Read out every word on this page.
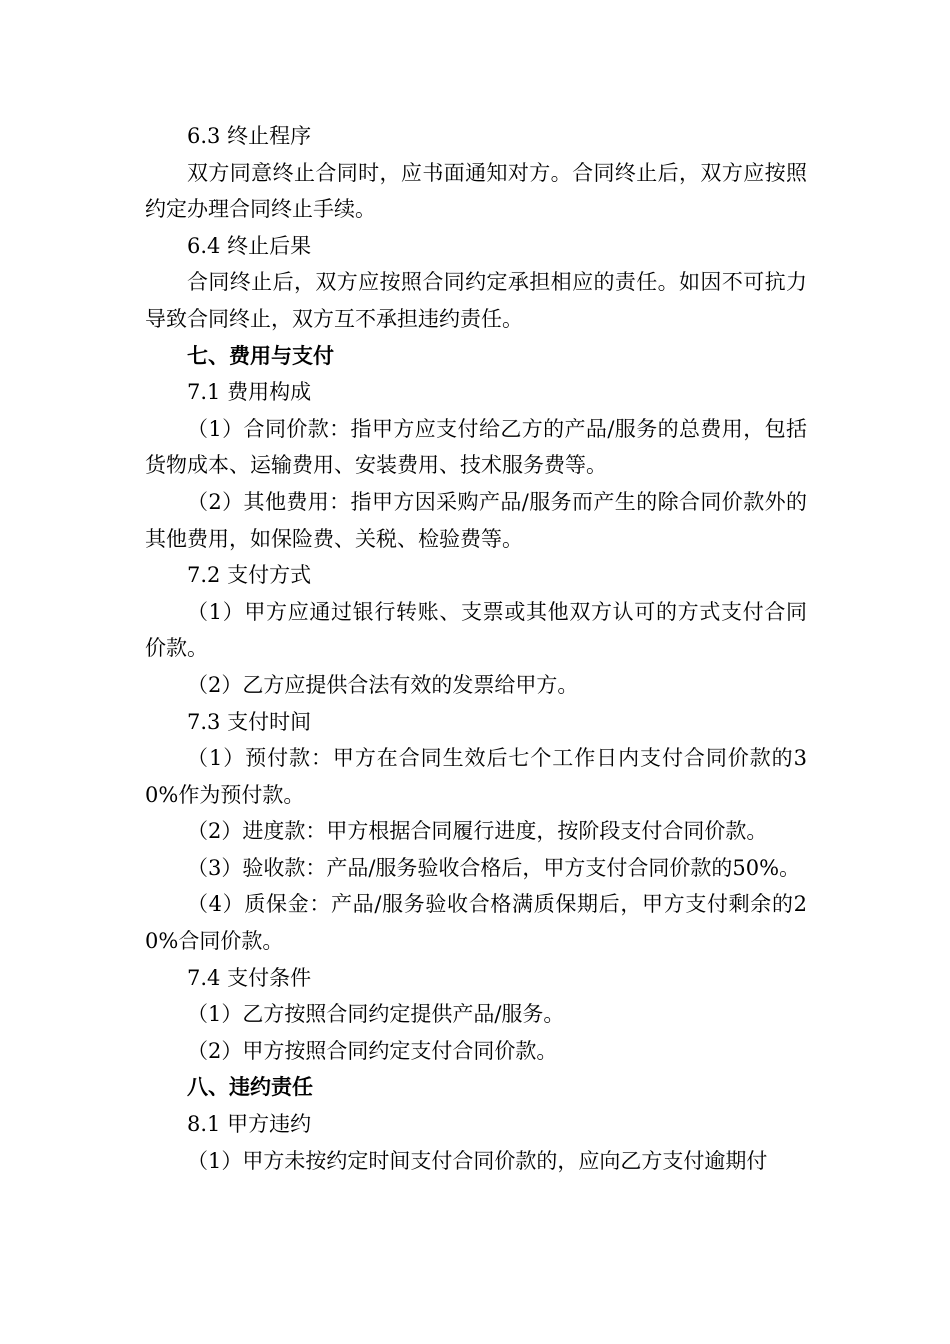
6.3 终止程序

双方同意终止合同时，应书面通知对方。合同终止后，双方应按照约定办理合同终止手续。

6.4 终止后果

合同终止后，双方应按照合同约定承担相应的责任。如因不可抗力导致合同终止，双方互不承担违约责任。

七、费用与支付

7.1 费用构成

（1）合同价款：指甲方应支付给乙方的产品/服务的总费用，包括货物成本、运输费用、安装费用、技术服务费等。

（2）其他费用：指甲方因采购产品/服务而产生的除合同价款外的其他费用，如保险费、关税、检验费等。

7.2 支付方式

（1）甲方应通过银行转账、支票或其他双方认可的方式支付合同价款。

（2）乙方应提供合法有效的发票给甲方。

7.3 支付时间

（1）预付款：甲方在合同生效后七个工作日内支付合同价款的30%作为预付款。

（2）进度款：甲方根据合同履行进度，按阶段支付合同价款。

（3）验收款：产品/服务验收合格后，甲方支付合同价款的50%。

（4）质保金：产品/服务验收合格满质保期后，甲方支付剩余的20%合同价款。

7.4 支付条件

（1）乙方按照合同约定提供产品/服务。

（2）甲方按照合同约定支付合同价款。

八、违约责任

8.1 甲方违约

（1）甲方未按约定时间支付合同价款的，应向乙方支付逾期付
